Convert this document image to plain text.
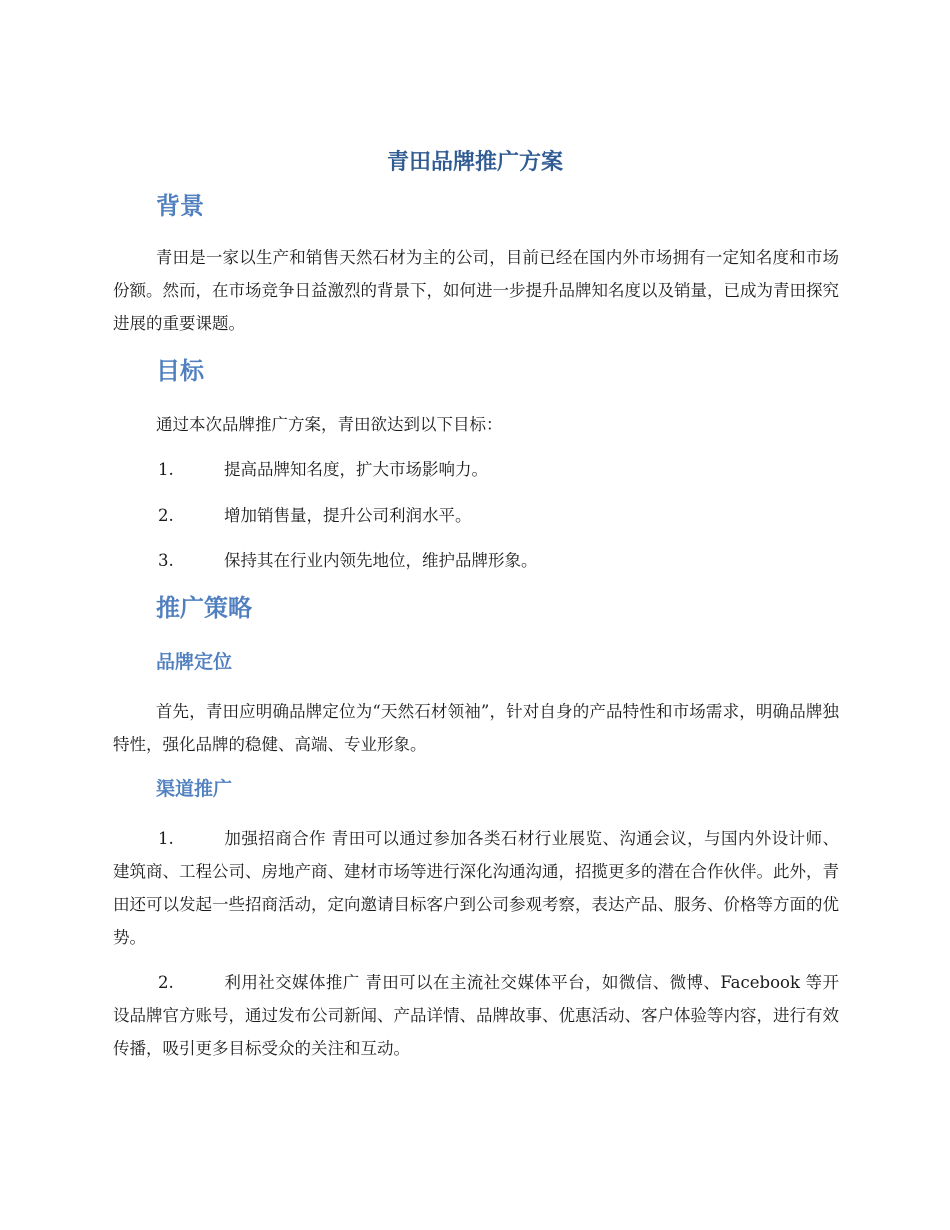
青田品牌推广方案
背景

青田是一家以生产和销售天然石材为主的公司，目前已经在国内外市场拥有一定知名度和市场份额。然而，在市场竞争日益激烈的背景下，如何进一步提升品牌知名度以及销量，已成为青田探究进展的重要课题。

目标

通过本次品牌推广方案，青田欲达到以下目标：

1.	提高品牌知名度，扩大市场影响力。

2.	增加销售量，提升公司利润水平。

3.	保持其在行业内领先地位，维护品牌形象。

推广策略
品牌定位

首先，青田应明确品牌定位为“天然石材领袖”，针对自身的产品特性和市场需求，明确品牌独特性，强化品牌的稳健、高端、专业形象。

渠道推广

1.	加强招商合作 青田可以通过参加各类石材行业展览、沟通会议，与国内外设计师、建筑商、工程公司、房地产商、建材市场等进行深化沟通沟通，招揽更多的潜在合作伙伴。此外，青田还可以发起一些招商活动，定向邀请目标客户到公司参观考察，表达产品、服务、价格等方面的优势。

2.	利用社交媒体推广 青田可以在主流社交媒体平台，如微信、微博、Facebook 等开设品牌官方账号，通过发布公司新闻、产品详情、品牌故事、优惠活动、客户体验等内容，进行有效传播，吸引更多目标受众的关注和互动。
